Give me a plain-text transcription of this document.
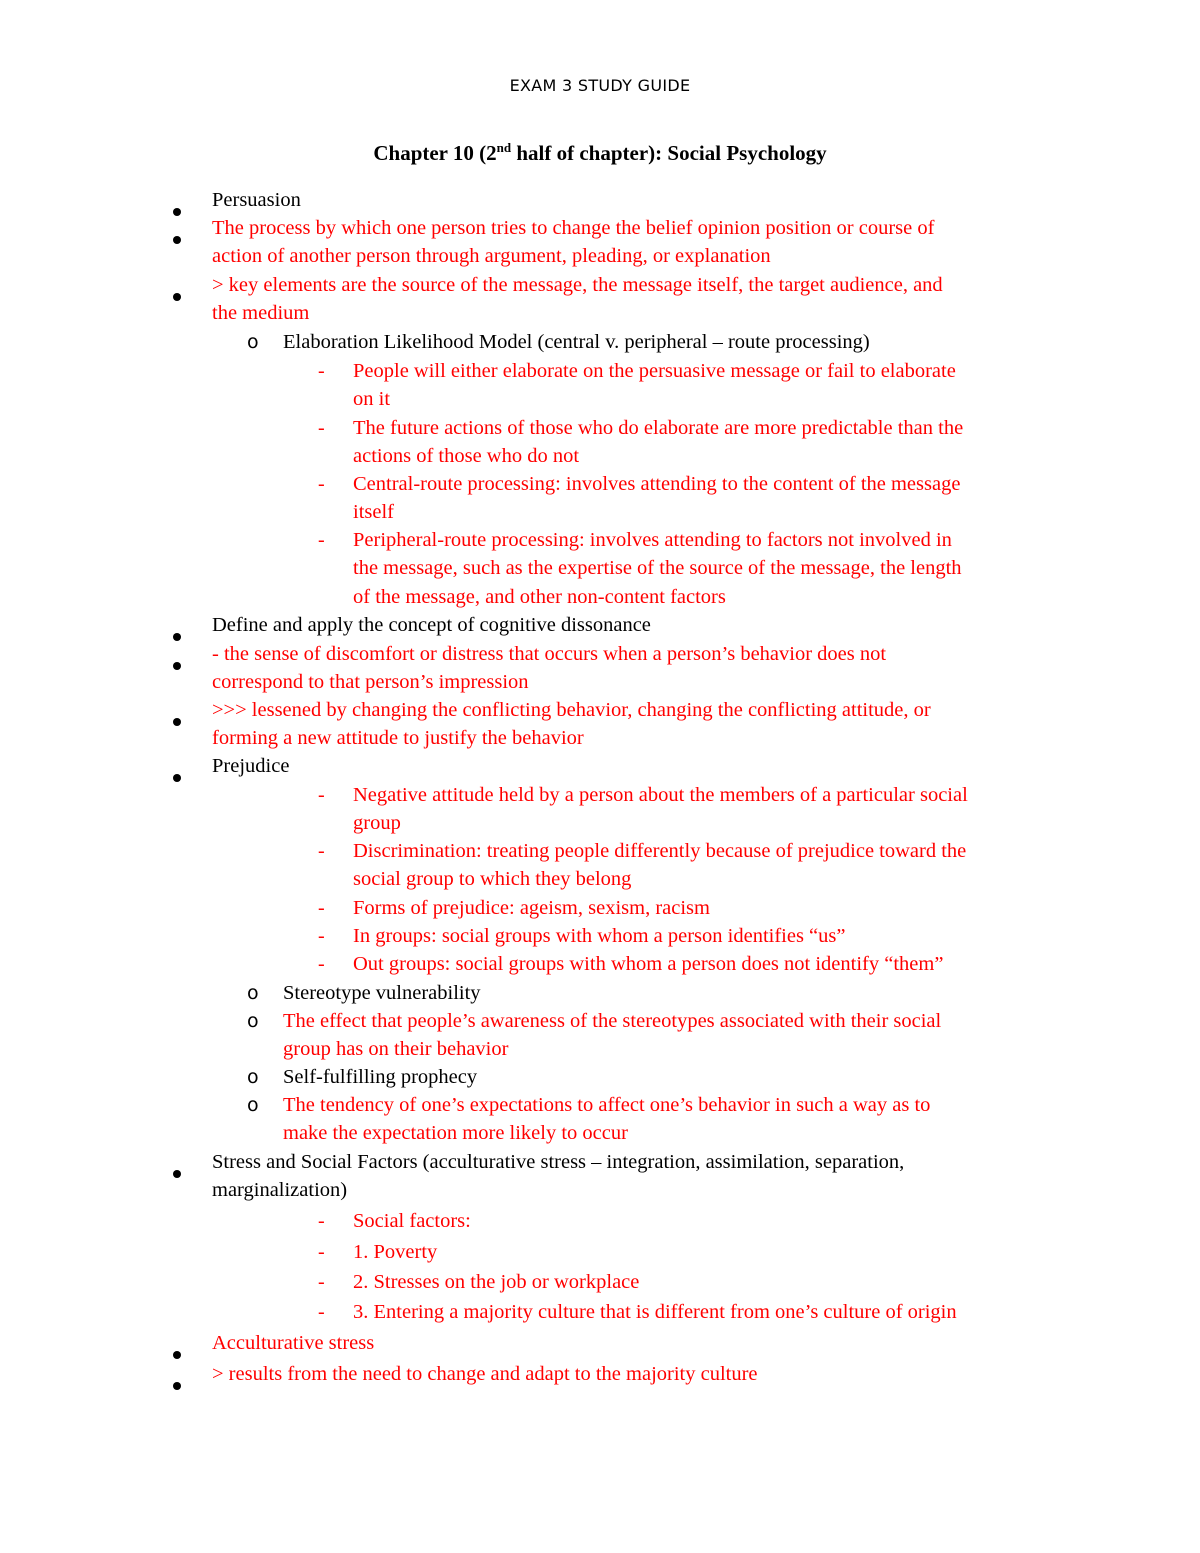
EXAM 3 STUDY GUIDE
Chapter 10 (2nd half of chapter): Social Psychology
Persuasion
The process by which one person tries to change the belief opinion position or course of
action of another person through argument, pleading, or explanation
> key elements are the source of the message, the message itself, the target audience, and
the medium
o Elaboration Likelihood Model (central v. peripheral – route processing)
- People will either elaborate on the persuasive message or fail to elaborate
on it
- The future actions of those who do elaborate are more predictable than the
actions of those who do not
- Central-route processing: involves attending to the content of the message
itself
- Peripheral-route processing: involves attending to factors not involved in
the message, such as the expertise of the source of the message, the length
of the message, and other non-content factors
Define and apply the concept of cognitive dissonance
- the sense of discomfort or distress that occurs when a person’s behavior does not
correspond to that person’s impression
>>> lessened by changing the conflicting behavior, changing the conflicting attitude, or
forming a new attitude to justify the behavior
Prejudice
- Negative attitude held by a person about the members of a particular social
group
- Discrimination: treating people differently because of prejudice toward the
social group to which they belong
- Forms of prejudice: ageism, sexism, racism
- In groups: social groups with whom a person identifies “us”
- Out groups: social groups with whom a person does not identify “them”
o Stereotype vulnerability
o The effect that people’s awareness of the stereotypes associated with their social
group has on their behavior
o Self-fulfilling prophecy
o The tendency of one’s expectations to affect one’s behavior in such a way as to
make the expectation more likely to occur
Stress and Social Factors (acculturative stress – integration, assimilation, separation,
marginalization)
- Social factors:
- 1. Poverty
- 2. Stresses on the job or workplace
- 3. Entering a majority culture that is different from one’s culture of origin
Acculturative stress
> results from the need to change and adapt to the majority culture
